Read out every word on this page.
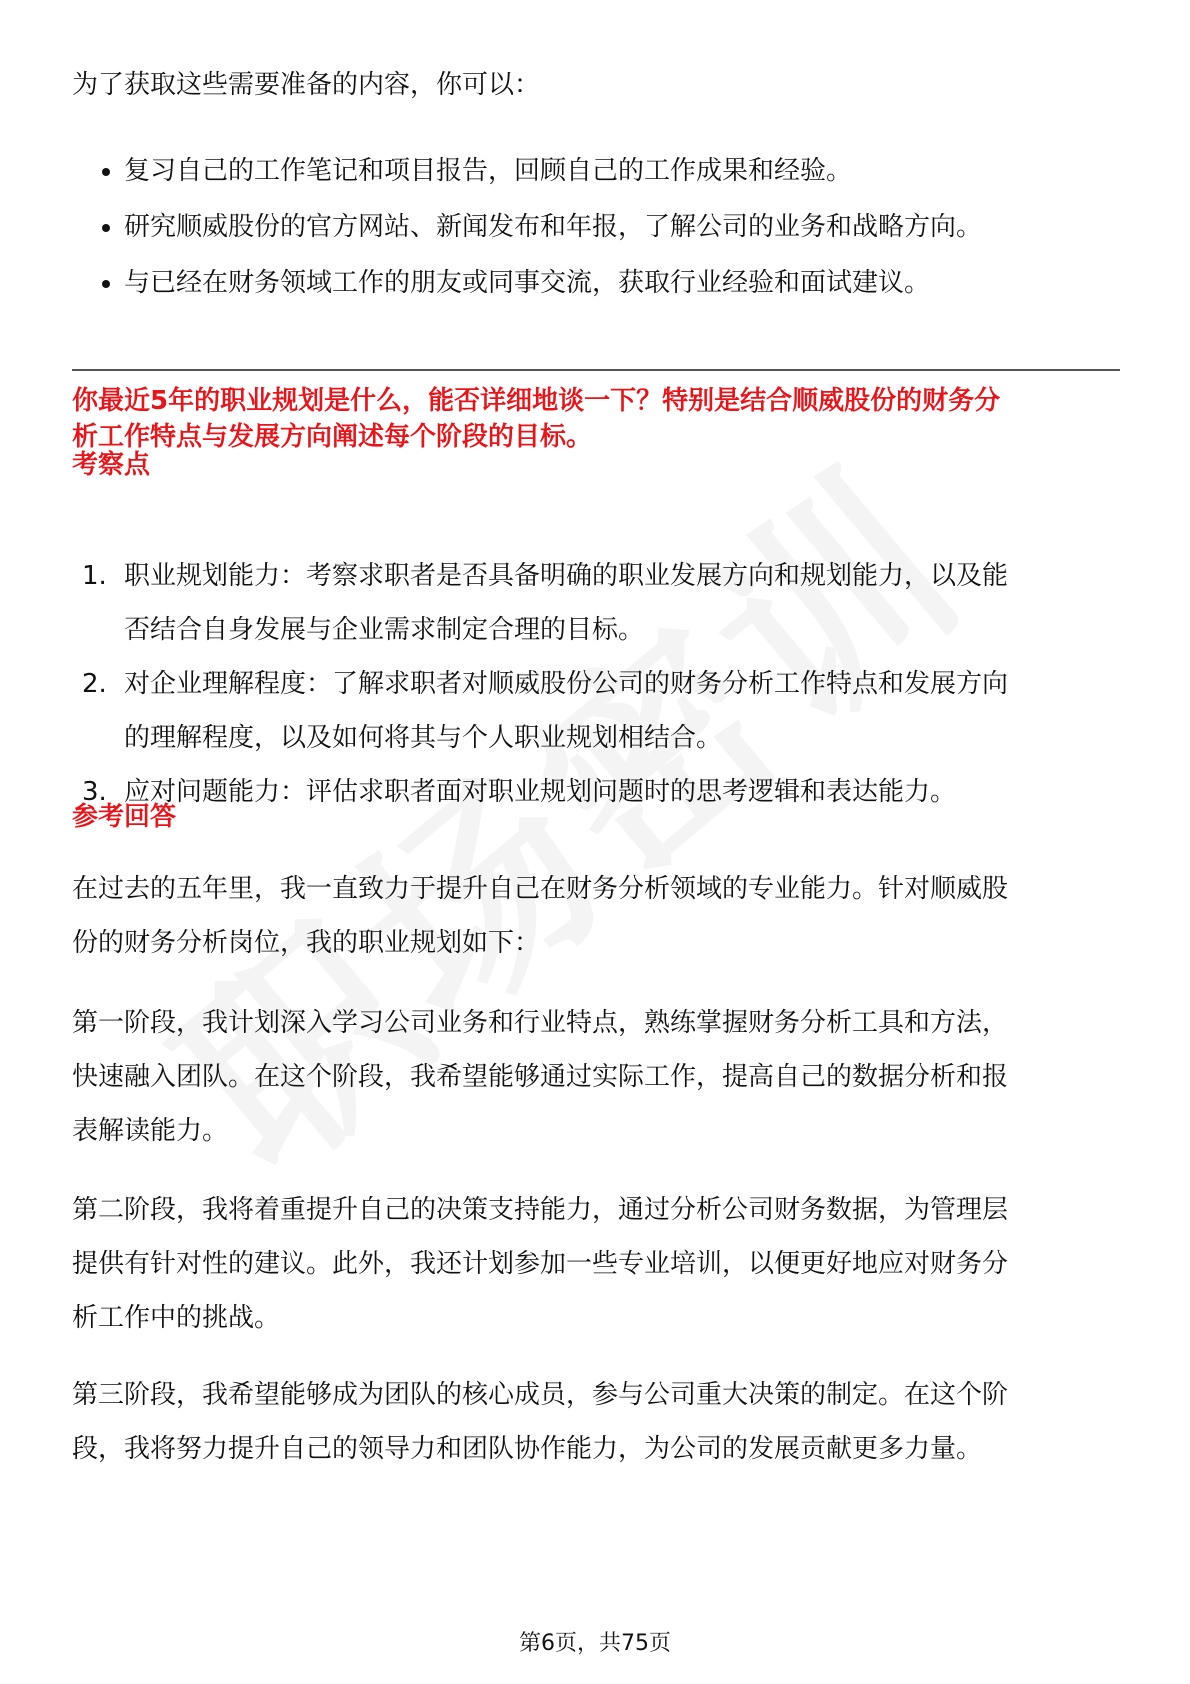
为了获取这些需要准备的内容，你可以：
复习自己的工作笔记和项目报告，回顾自己的工作成果和经验。
研究顺威股份的官方网站、新闻发布和年报，了解公司的业务和战略方向。
与已经在财务领域工作的朋友或同事交流，获取行业经验和面试建议。
你最近5年的职业规划是什么，能否详细地谈一下？特别是结合顺威股份的财务分
析工作特点与发展方向阐述每个阶段的目标。
考察点
1. 职业规划能力：考察求职者是否具备明确的职业发展方向和规划能力，以及能
否结合自身发展与企业需求制定合理的目标。
2. 对企业理解程度：了解求职者对顺威股份公司的财务分析工作特点和发展方向
的理解程度，以及如何将其与个人职业规划相结合。
3. 应对问题能力：评估求职者面对职业规划问题时的思考逻辑和表达能力。
参考回答
在过去的五年里，我一直致力于提升自己在财务分析领域的专业能力。针对顺威股
份的财务分析岗位，我的职业规划如下：
第一阶段，我计划深入学习公司业务和行业特点，熟练掌握财务分析工具和方法，
快速融入团队。在这个阶段，我希望能够通过实际工作，提高自己的数据分析和报
表解读能力。
第二阶段，我将着重提升自己的决策支持能力，通过分析公司财务数据，为管理层
提供有针对性的建议。此外，我还计划参加一些专业培训，以便更好地应对财务分
析工作中的挑战。
第三阶段，我希望能够成为团队的核心成员，参与公司重大决策的制定。在这个阶
段，我将努力提升自己的领导力和团队协作能力，为公司的发展贡献更多力量。
第6页，共75页
